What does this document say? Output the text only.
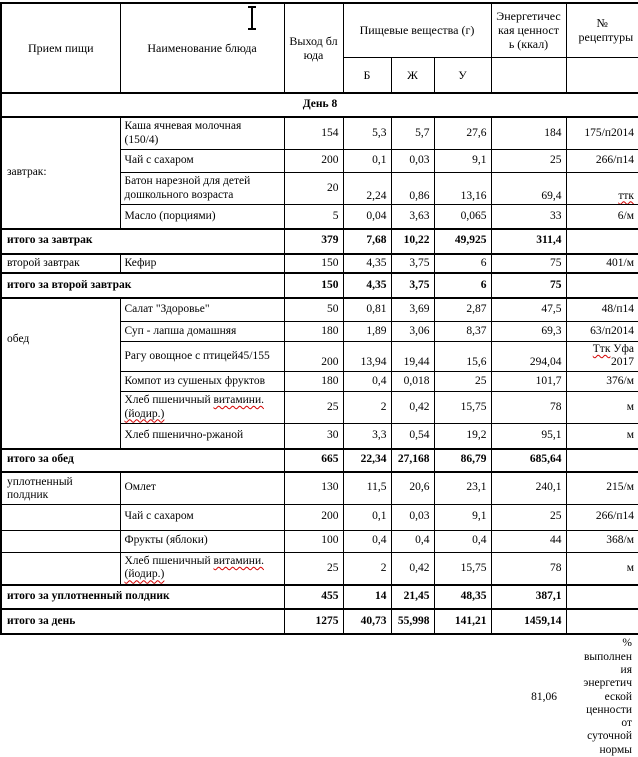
Прием пищи	Наименование блюда	Выход блюда	Пищевые вещества (г)			Энергетическая ценность (ккал)	№ рецептуры
			Б	Ж	У		
День 8							
завтрак:	Каша ячневая молочная (150/4)	154	5,3	5,7	27,6	184	175/п2014
	Чай с сахаром	200	0,1	0,03	9,1	25	266/п14
	Батон нарезной для детей дошкольного возраста	20	2,24	0,86	13,16	69,4	ттк
	Масло (порциями)	5	0,04	3,63	0,065	33	6/м
итого за завтрак		379	7,68	10,22	49,925	311,4	
второй завтрак	Кефир	150	4,35	3,75	6	75	401/м
итого за второй завтрак		150	4,35	3,75	6	75	
обед	Салат "Здоровье"	50	0,81	3,69	2,87	47,5	48/п14
	Суп - лапша домашняя	180	1,89	3,06	8,37	69,3	63/п2014
	Рагу овощное с птицей45/155	200	13,94	19,44	15,6	294,04	Ттк Уфа 2017
	Компот из сушеных фруктов	180	0,4	0,018	25	101,7	376/м
	Хлеб пшеничный витамини. (йодир.)	25	2	0,42	15,75	78	м
	Хлеб пшенично-ржаной	30	3,3	0,54	19,2	95,1	м
итого за обед		665	22,34	27,168	86,79	685,64	
уплотненный полдник	Омлет	130	11,5	20,6	23,1	240,1	215/м
	Чай с сахаром	200	0,1	0,03	9,1	25	266/п14
	Фрукты (яблоки)	100	0,4	0,4	0,4	44	368/м
	Хлеб пшеничный витамини. (йодир.)	25	2	0,42	15,75	78	м
итого за уплотненный полдник		455	14	21,45	48,35	387,1	
итого за день		1275	40,73	55,998	141,21	1459,14	
81,06
% выполнения энергетической ценности от суточной нормы
